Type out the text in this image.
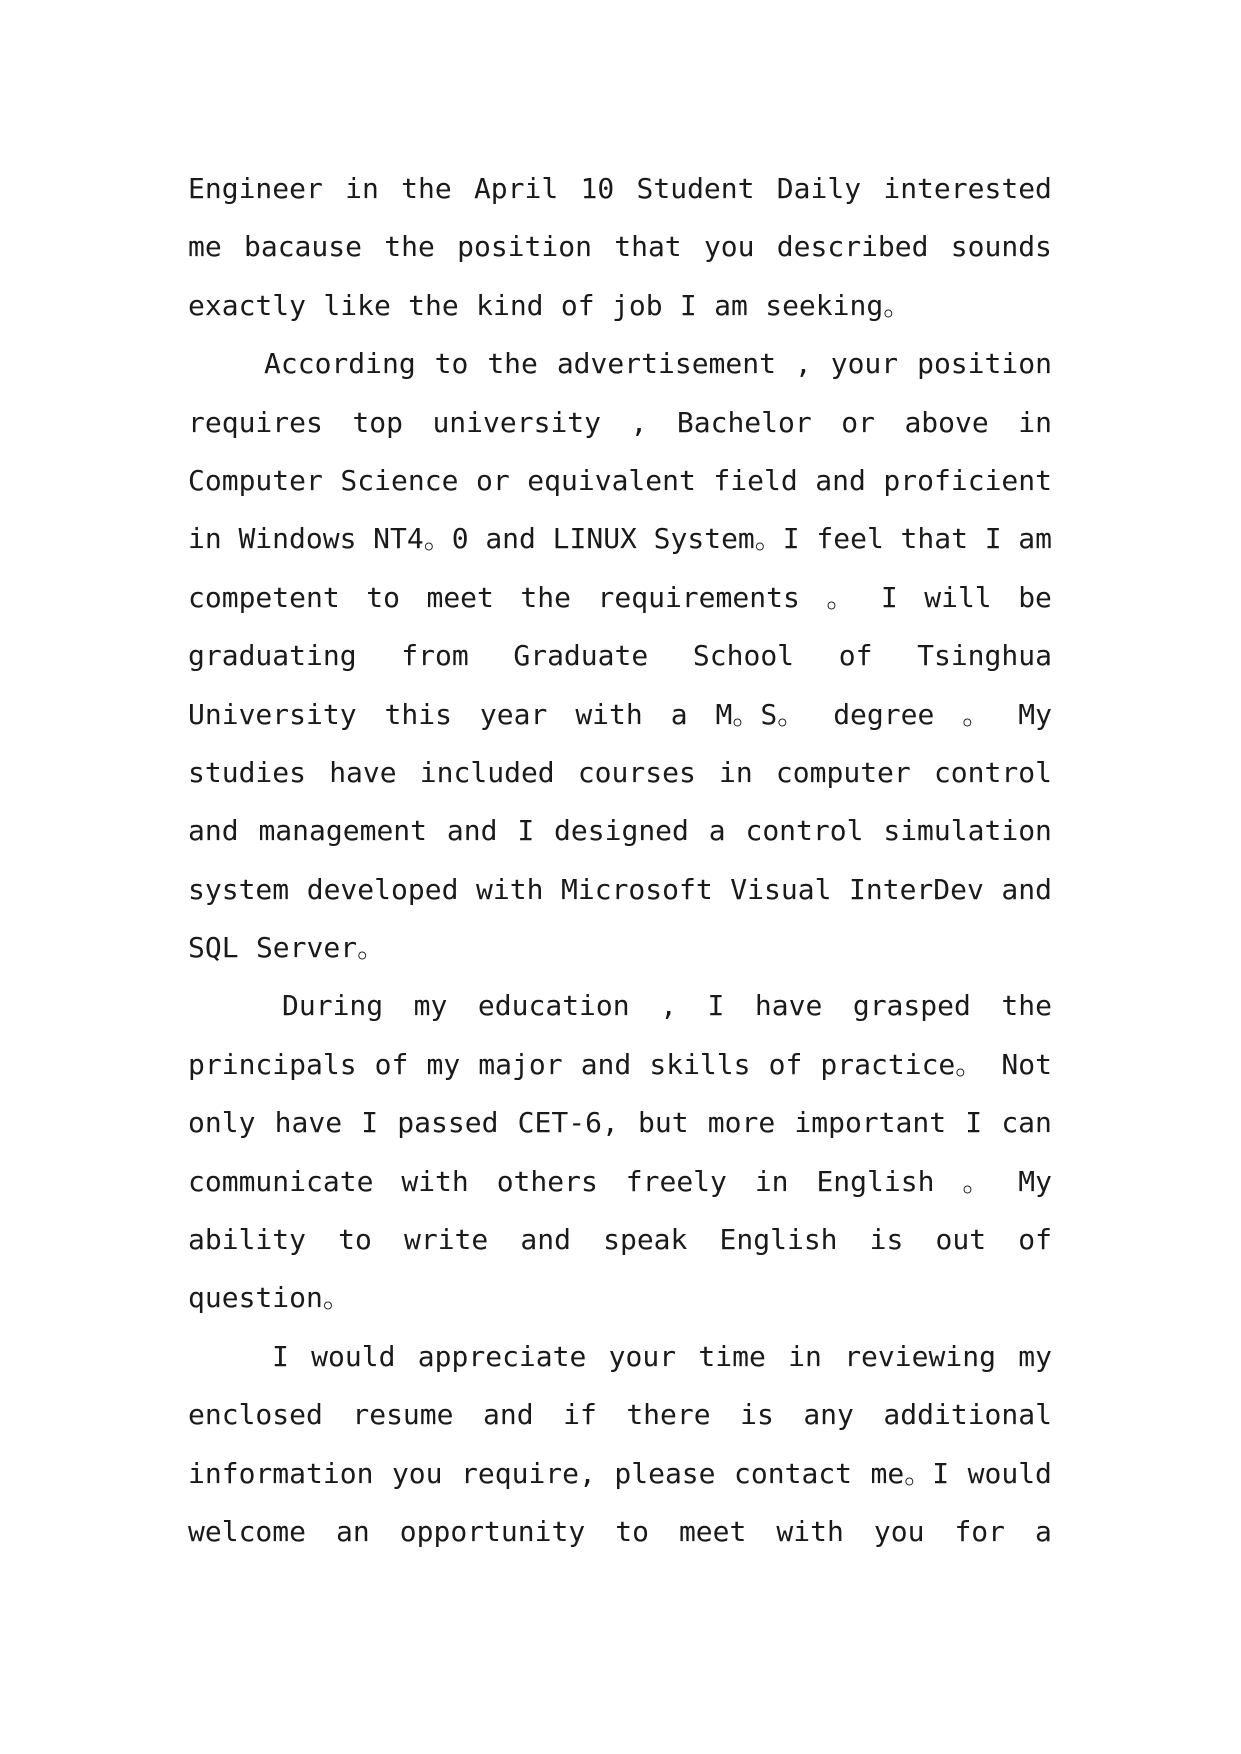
Engineer in the April 10 Student Daily interested
me bacause the position that you described sounds
exactly like the kind of job I am seeking。
According to the advertisement , your position
requires top university , Bachelor or above in
Computer Science or equivalent field and proficient
in Windows NT4。0 and LINUX System。I feel that I am
competent to meet the requirements 。 I will be
graduating from Graduate School of Tsinghua
University this year with a M。S。 degree 。 My
studies have included courses in computer control
and management and I designed a control simulation
system developed with Microsoft Visual InterDev and
SQL Server。
During my education , I have grasped the
principals of my major and skills of practice。 Not
only have I passed CET-6, but more important I can
communicate with others freely in English 。 My
ability to write and speak English is out of
question。
I would appreciate your time in reviewing my
enclosed resume and if there is any additional
information you require, please contact me。I would
welcome an opportunity to meet with you for a
